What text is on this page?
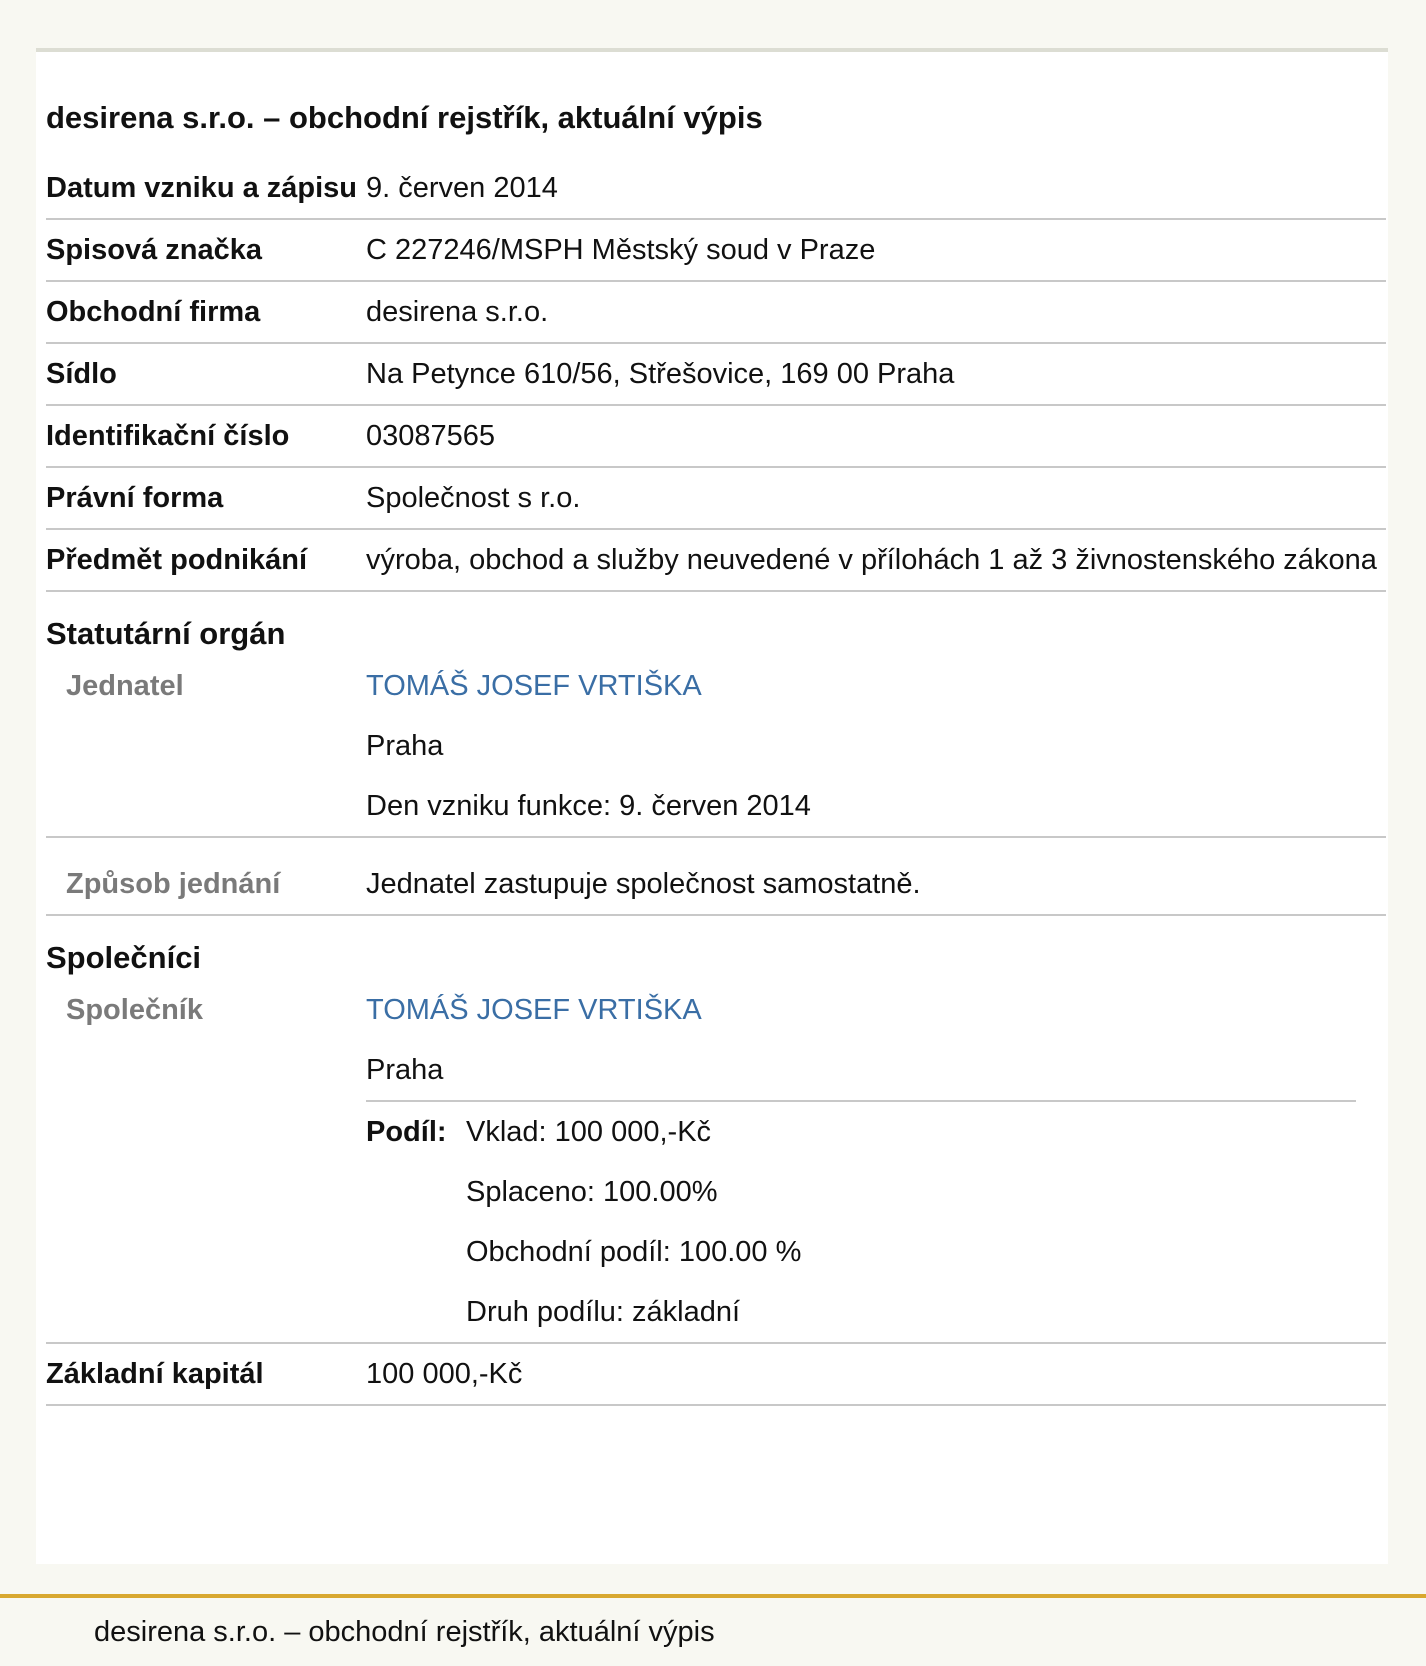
desirena s.r.o. – obchodní rejstřík, aktuální výpis
Datum vzniku a zápisu 9. červen 2014
Spisová značka	C 227246/MSPH Městský soud v Praze
Obchodní firma	desirena s.r.o.
Sídlo	Na Petynce 610/56, Střešovice, 169 00 Praha
Identifikační číslo	03087565
Právní forma	Společnost s r.o.
Předmět podnikání	výroba, obchod a služby neuvedené v přílohách 1 až 3 živnostenského zákona
Statutární orgán
Jednatel	TOMÁŠ JOSEF VRTIŠKA

Praha

Den vzniku funkce: 9. červen 2014

Způsob jednání	Jednatel zastupuje společnost samostatně.
Společníci
Společník	TOMÁŠ JOSEF VRTIŠKA

Praha

Podíl: Vklad: 100 000,-Kč

Splaceno: 100.00%

Obchodní podíl: 100.00 %

Druh podílu: základní

Základní kapitál	100 000,-Kč
desirena s.r.o. – obchodní rejstřík, aktuální výpis
